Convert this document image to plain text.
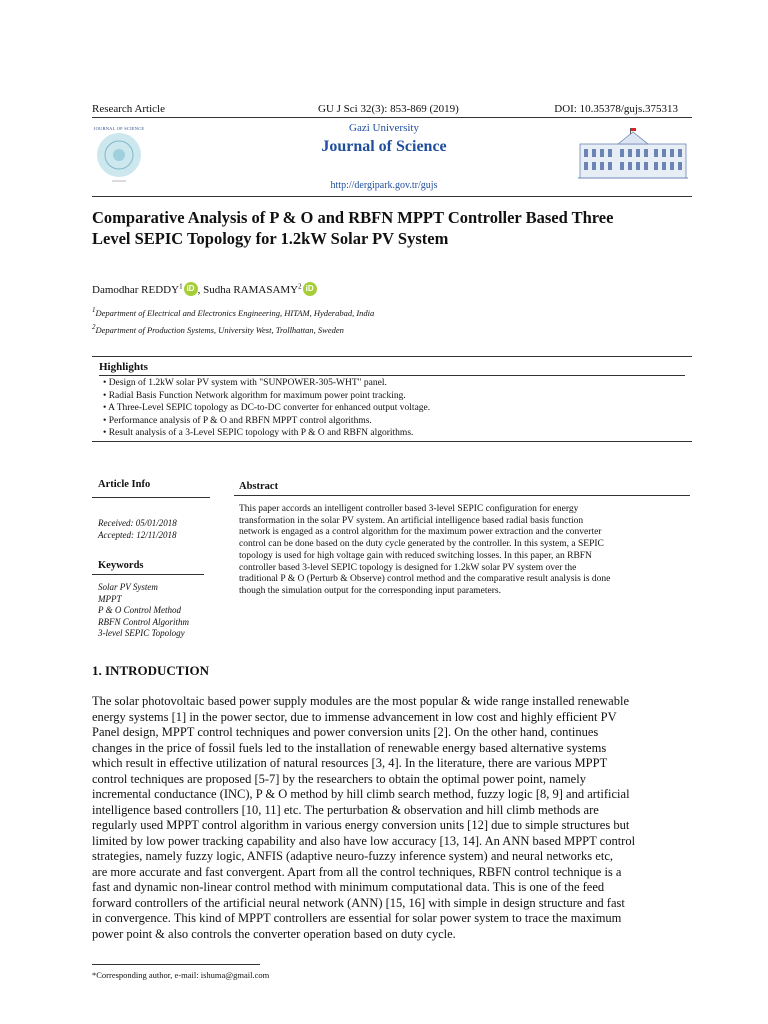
Research Article	GU J Sci 32(3): 853-869 (2019)	DOI: 10.35378/gujs.375313
JOURNAL OF SCIENCE	Gazi University
Journal of Science
http://dergipark.gov.tr/gujs
Comparative Analysis of P & O and RBFN MPPT Controller Based Three
Level SEPIC Topology for 1.2kW Solar PV System
Damodhar REDDY$^1$ iD , Sudha RAMASAMY$^2$ iD
$^1$Department of Electrical and Electronics Engineering, HITAM, Hyderabad, India
$^2$Department of Production Systems, University West, Trollhattan, Sweden
Highlights
• Design of 1.2kW solar PV system with "SUNPOWER-305-WHT" panel.
• Radial Basis Function Network algorithm for maximum power point tracking.
• A Three-Level SEPIC topology as DC-to-DC converter for enhanced output voltage.
• Performance analysis of P & O and RBFN MPPT control algorithms.
• Result analysis of a 3-Level SEPIC topology with P & O and RBFN algorithms.
Article Info
Received: 05/01/2018
Accepted: 12/11/2018
Keywords
Solar PV System
MPPT
P & O Control Method
RBFN Control Algorithm
3-level SEPIC Topology
Abstract
This paper accords an intelligent controller based 3-level SEPIC configuration for energy
transformation in the solar PV system. An artificial intelligence based radial basis function
network is engaged as a control algorithm for the maximum power extraction and the converter
control can be done based on the duty cycle generated by the controller. In this system, a SEPIC
topology is used for high voltage gain with reduced switching losses. In this paper, an RBFN
controller based 3-level SEPIC topology is designed for 1.2kW solar PV system over the
traditional P & O (Perturb & Observe) control method and the comparative result analysis is done
though the simulation output for the corresponding input parameters.
1. INTRODUCTION
The solar photovoltaic based power supply modules are the most popular & wide range installed renewable
energy systems [1] in the power sector, due to immense advancement in low cost and highly efficient PV
Panel design, MPPT control techniques and power conversion units [2]. On the other hand, continues
changes in the price of fossil fuels led to the installation of renewable energy based alternative systems
which result in effective utilization of natural resources [3, 4]. In the literature, there are various MPPT
control techniques are proposed [5-7] by the researchers to obtain the optimal power point, namely
incremental conductance (INC), P & O method by hill climb search method, fuzzy logic [8, 9] and artificial
intelligence based controllers [10, 11] etc. The perturbation & observation and hill climb methods are
regularly used MPPT control algorithm in various energy conversion units [12] due to simple structures but
limited by low power tracking capability and also have low accuracy [13, 14]. An ANN based MPPT control
strategies, namely fuzzy logic, ANFIS (adaptive neuro-fuzzy inference system) and neural networks etc,
are more accurate and fast convergent. Apart from all the control techniques, RBFN control technique is a
fast and dynamic non-linear control method with minimum computational data. This is one of the feed
forward controllers of the artificial neural network (ANN) [15, 16] with simple in design structure and fast
in convergence. This kind of MPPT controllers are essential for solar power system to trace the maximum
power point & also controls the converter operation based on duty cycle.
*Corresponding author, e-mail: ishuma@gmail.com
